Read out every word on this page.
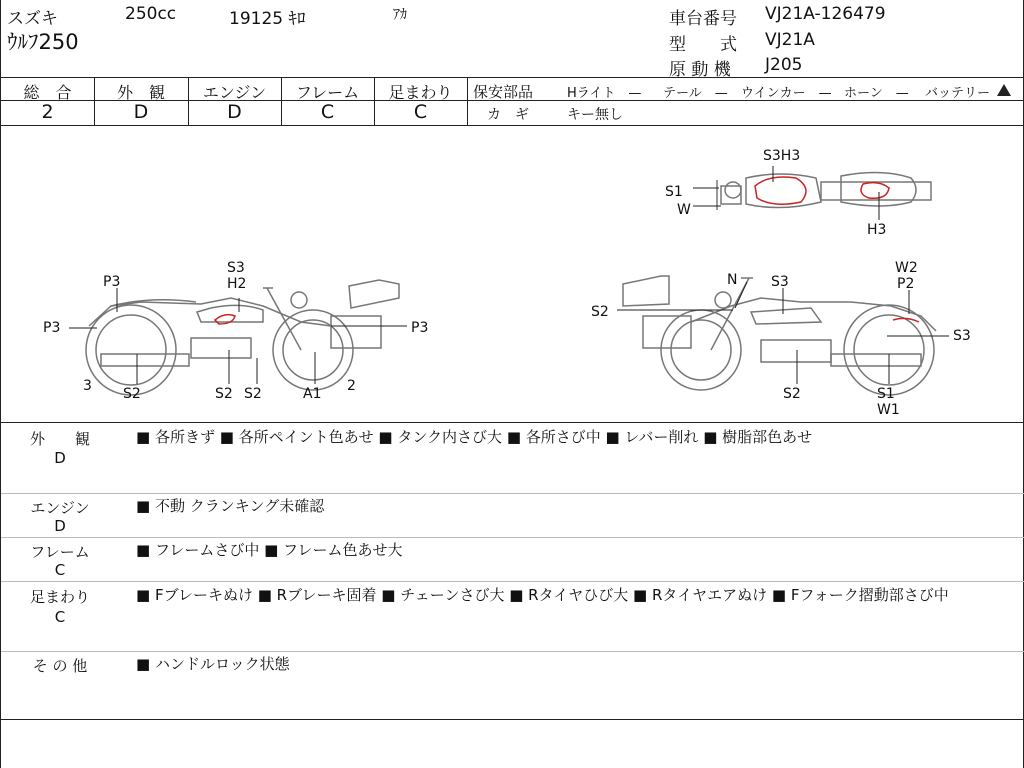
スズキ	250cc	19125 ｷﾛ	ｱｶ
ｳﾙﾌ250
車台番号 VJ21A-126479
型　　式 VJ21A
原 動 機 J205
総　合
2
外　観
D
エンジン
D
フレーム
C
足まわり
C
保安部品	Hライト　— テール　— ウインカー　— ホーン　— バッテリー
カ　ギ	キー無し
S3H3
S1
W
H3
S3
H2
P3
P3	P3
3 S2	S2 S2	A1 2
N S3
W2
P2
S2
S3
S2	S1
W1
外　　観
D
■ 各所きず ■ 各所ペイント色あせ ■ タンク内さび大 ■ 各所さび中 ■ レバー削れ ■ 樹脂部色あせ
エンジン
D
■ 不動 クランキング未確認
フレーム
C
■ フレームさび中 ■ フレーム色あせ大
足まわり
C
■ Fブレーキぬけ ■ Rブレーキ固着 ■ チェーンさび大 ■ Rタイヤひび大 ■ Rタイヤエアぬけ ■ Fフォーク摺動部さび中
そ の 他	■ ハンドルロック状態
